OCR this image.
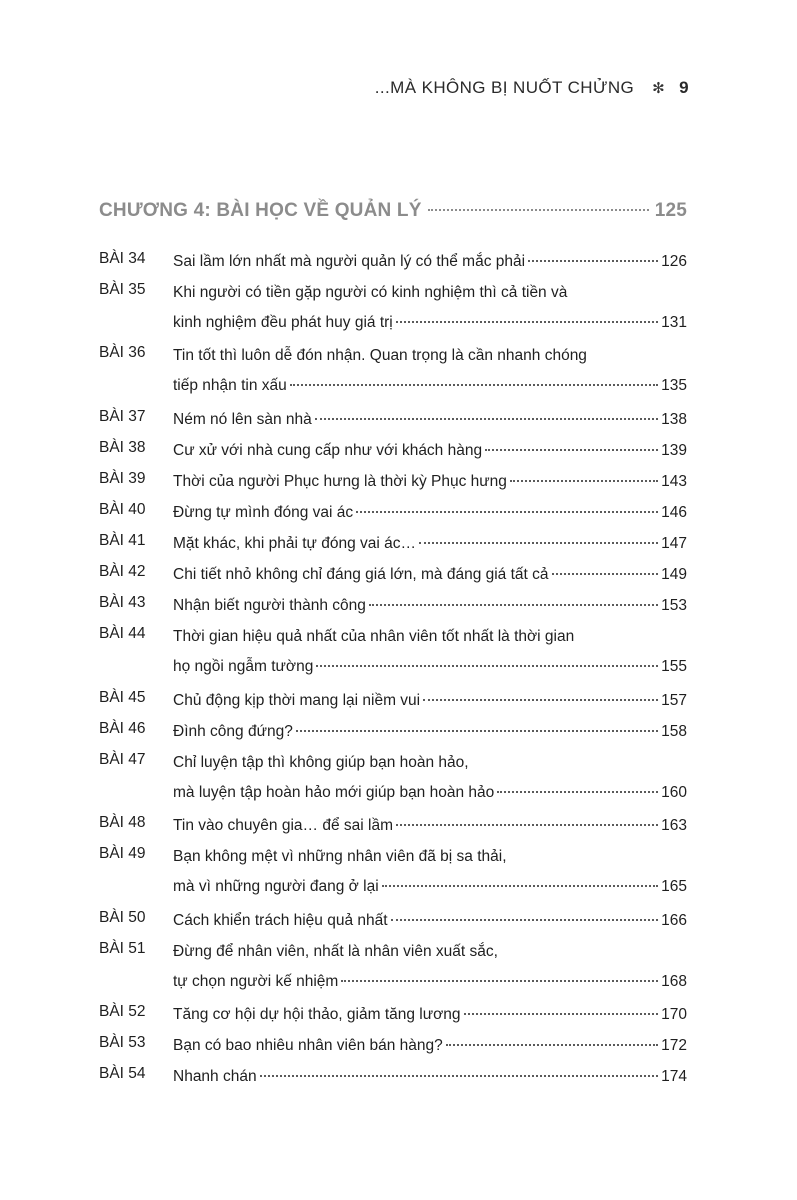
...MÀ KHÔNG BỊ NUỐT CHỬNG ✻ 9
CHƯƠNG 4: BÀI HỌC VỀ QUẢN LÝ	125
BÀI 34 Sai lầm lớn nhất mà người quản lý có thể mắc phải	126
BÀI 35 Khi người có tiền gặp người có kinh nghiệm thì cả tiền và
kinh nghiệm đều phát huy giá trị	131
BÀI 36 Tin tốt thì luôn dễ đón nhận. Quan trọng là cần nhanh chóng
tiếp nhận tin xấu	135
BÀI 37 Ném nó lên sàn nhà	138
BÀI 38 Cư xử với nhà cung cấp như với khách hàng	139
BÀI 39 Thời của người Phục hưng là thời kỳ Phục hưng	143
BÀI 40 Đừng tự mình đóng vai ác	146
BÀI 41 Mặt khác, khi phải tự đóng vai ác…	147
BÀI 42 Chi tiết nhỏ không chỉ đáng giá lớn, mà đáng giá tất cả	149
BÀI 43 Nhận biết người thành công	153
BÀI 44 Thời gian hiệu quả nhất của nhân viên tốt nhất là thời gian
họ ngồi ngẫm tường	155
BÀI 45 Chủ động kịp thời mang lại niềm vui	157
BÀI 46 Đình công đứng?	158
BÀI 47 Chỉ luyện tập thì không giúp bạn hoàn hảo,
mà luyện tập hoàn hảo mới giúp bạn hoàn hảo	160
BÀI 48 Tin vào chuyên gia… để sai lầm	163
BÀI 49 Bạn không mệt vì những nhân viên đã bị sa thải,
mà vì những người đang ở lại	165
BÀI 50 Cách khiển trách hiệu quả nhất	166
BÀI 51 Đừng để nhân viên, nhất là nhân viên xuất sắc,
tự chọn người kế nhiệm	168
BÀI 52 Tăng cơ hội dự hội thảo, giảm tăng lương	170
BÀI 53 Bạn có bao nhiêu nhân viên bán hàng?	172
BÀI 54 Nhanh chán	174
